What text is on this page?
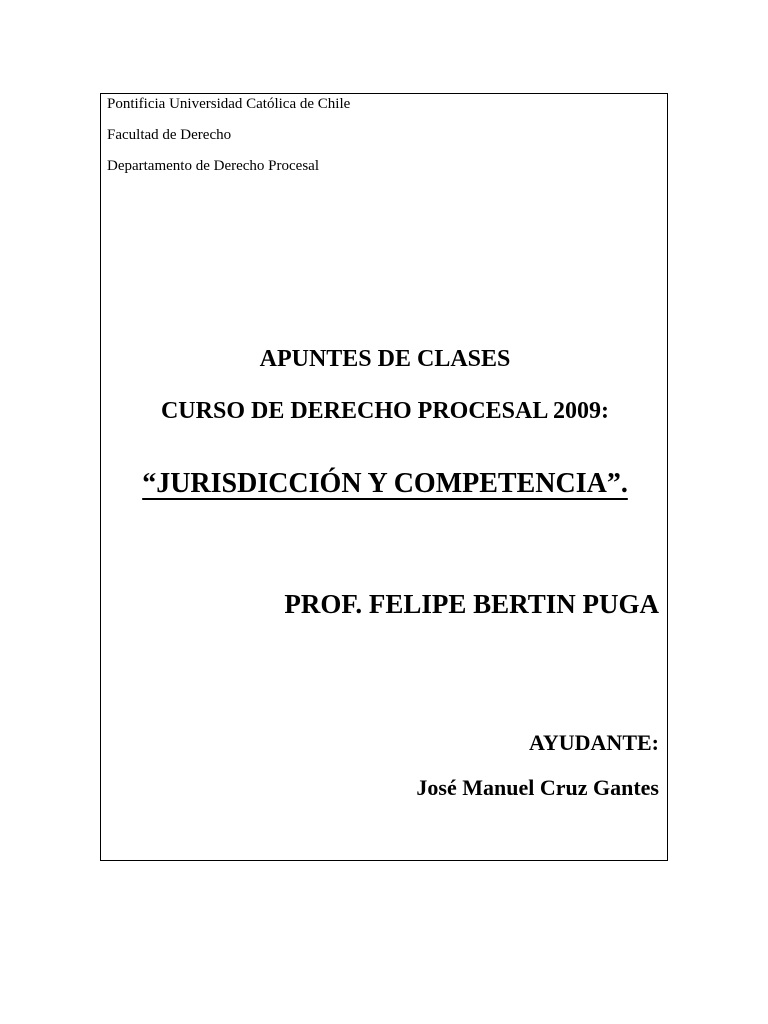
Pontificia Universidad Católica de Chile
Facultad de Derecho
Departamento de Derecho Procesal
APUNTES DE CLASES
CURSO DE DERECHO PROCESAL 2009:
“JURISDICCIÓN Y COMPETENCIA”.
PROF. FELIPE BERTIN PUGA
AYUDANTE:
José Manuel Cruz Gantes
